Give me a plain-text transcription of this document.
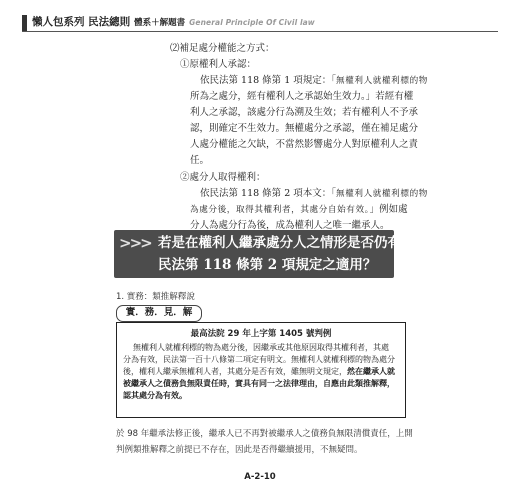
懶人包系列 民法總則 體系＋解題書 General Principle Of Civil law
⑵補足處分權能之方式：
①原權利人承認：
依民法第 118 條第 1 項規定：「無權利人就權利標的物
所為之處分，經有權利人之承認始生效力。」若經有權
利人之承認，該處分行為溯及生效；若有權利人不予承
認，則確定不生效力。無權處分之承認，僅在補足處分
人處分權能之欠缺，不當然影響處分人對原權利人之責
任。
②處分人取得權利：
依民法第 118 條第 2 項本文：「無權利人就權利標的物
為處分後，取得其權利者，其處分自始有效。」例如處
>>> 若是在權利人繼承處分人之情形是否仍有
民法第 118 條第 2 項規定之適用？
1. 實務：類推解釋說
實．務．見．解
最高法院 29 年上字第 1405 號判例
無權利人就權利標的物為處分後，因繼承或其他原因取得其權利者，其處
分為有效，民法第一百十八條第二項定有明文。無權利人就權利標的物為處分
後，權利人繼承無權利人者，其處分是否有效，雖無明文規定，然在繼承人就
被繼承人之債務負無限責任時，實具有同一之法律理由，自應由此類推解釋，
認其處分為有效。
於 98 年繼承法修正後，繼承人已不再對被繼承人之債務負無限清償責任，上開
判例類推解釋之前提已不存在，因此是否得繼續援用，不無疑問。
A-2-10
分人為處分行為後，成為權利人之唯一繼承人。
